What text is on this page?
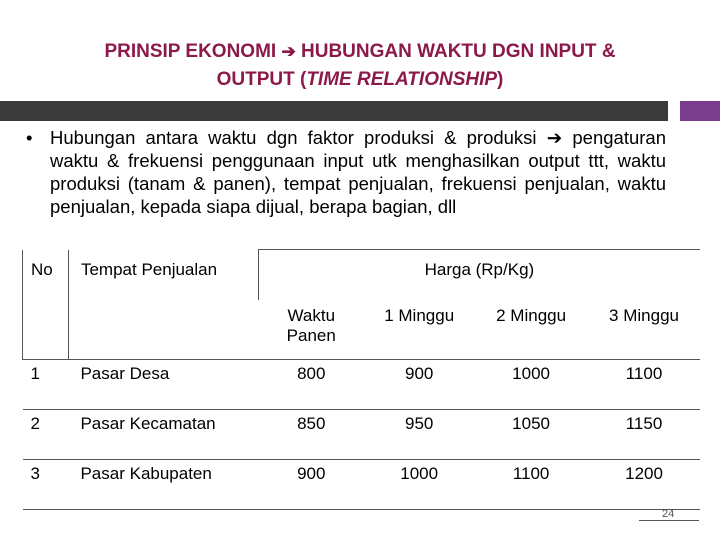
PRINSIP EKONOMI ➔ HUBUNGAN WAKTU DGN INPUT &
OUTPUT (TIME RELATIONSHIP)
• Hubungan antara waktu dgn faktor produksi & produksi ➔ pengaturan waktu & frekuensi penggunaan input utk menghasilkan output ttt, waktu produksi (tanam & panen), tempat penjualan, frekuensi penjualan, waktu penjualan, kepada siapa dijual, berapa bagian, dll
No	Tempat Penjualan	Harga (Rp/Kg)			
		Waktu Panen	1 Minggu	2 Minggu	3 Minggu
1	Pasar Desa	800	900	1000	1100
2	Pasar Kecamatan	850	950	1050	1150
3	Pasar Kabupaten	900	1000	1100	1200
24
